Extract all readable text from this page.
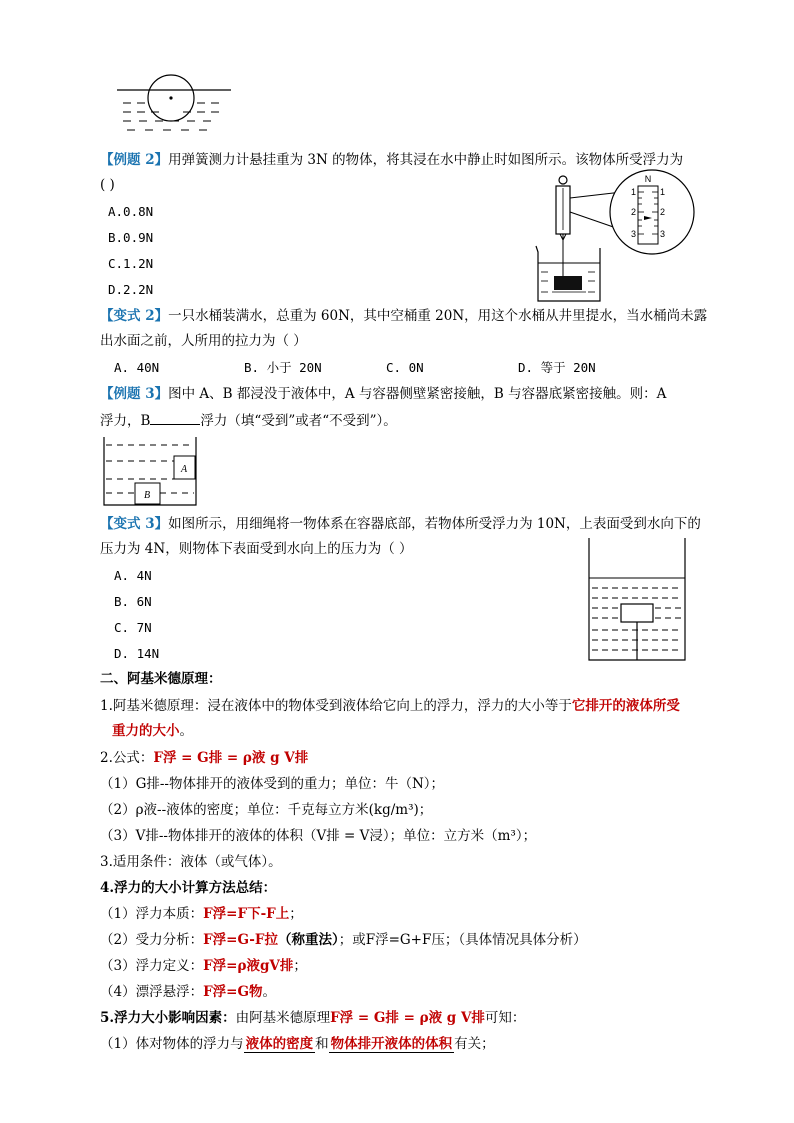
【例题 2】用弹簧测力计悬挂重为 3N 的物体，将其浸在水中静止时如图所示。该物体所受浮力为
( )
A.0.8N
B.0.9N
C.1.2N
D.2.2N
N
1	1
2	2
3	3
【变式 2】一只水桶装满水，总重为 60N，其中空桶重 20N，用这个水桶从井里提水，当水桶尚未露
出水面之前，人所用的拉力为（ ）
A. 40N	B. 小于 20N	C. 0N	D. 等于 20N
【例题 3】图中 A、B 都浸没于液体中，A 与容器侧壁紧密接触，B 与容器底紧密接触。则：A
浮力，B	浮力（填“受到”或者“不受到”）。
A
B
【变式 3】如图所示，用细绳将一物体系在容器底部，若物体所受浮力为 10N，上表面受到水向下的
压力为 4N，则物体下表面受到水向上的压力为（ ）
A. 4N
B. 6N
C. 7N
D. 14N
二、阿基米德原理：
1.阿基米德原理：浸在液体中的物体受到液体给它向上的浮力，浮力的大小等于它排开的液体所受
重力的大小。
2.公式：F浮 = G排 = ρ液 g V排
（1）G排--物体排开的液体受到的重力；单位：牛（N）；
（2）ρ液--液体的密度；单位：千克每立方米(kg/m³)；
（3）V排--物体排开的液体的体积（V排 = V浸）；单位：立方米（m³）；
3.适用条件：液体（或气体）。
4.浮力的大小计算方法总结：
（1）浮力本质：F浮=F下-F上；
（2）受力分析：F浮=G-F拉（称重法）；或F浮=G+F压；（具体情况具体分析）
（3）浮力定义：F浮=ρ液gV排；
（4）漂浮悬浮：F浮=G物。
5.浮力大小影响因素：由阿基米德原理F浮 = G排 = ρ液 g V排可知：
（1）体对物体的浮力与 液体的密度 和 物体排开液体的体积 有关；
